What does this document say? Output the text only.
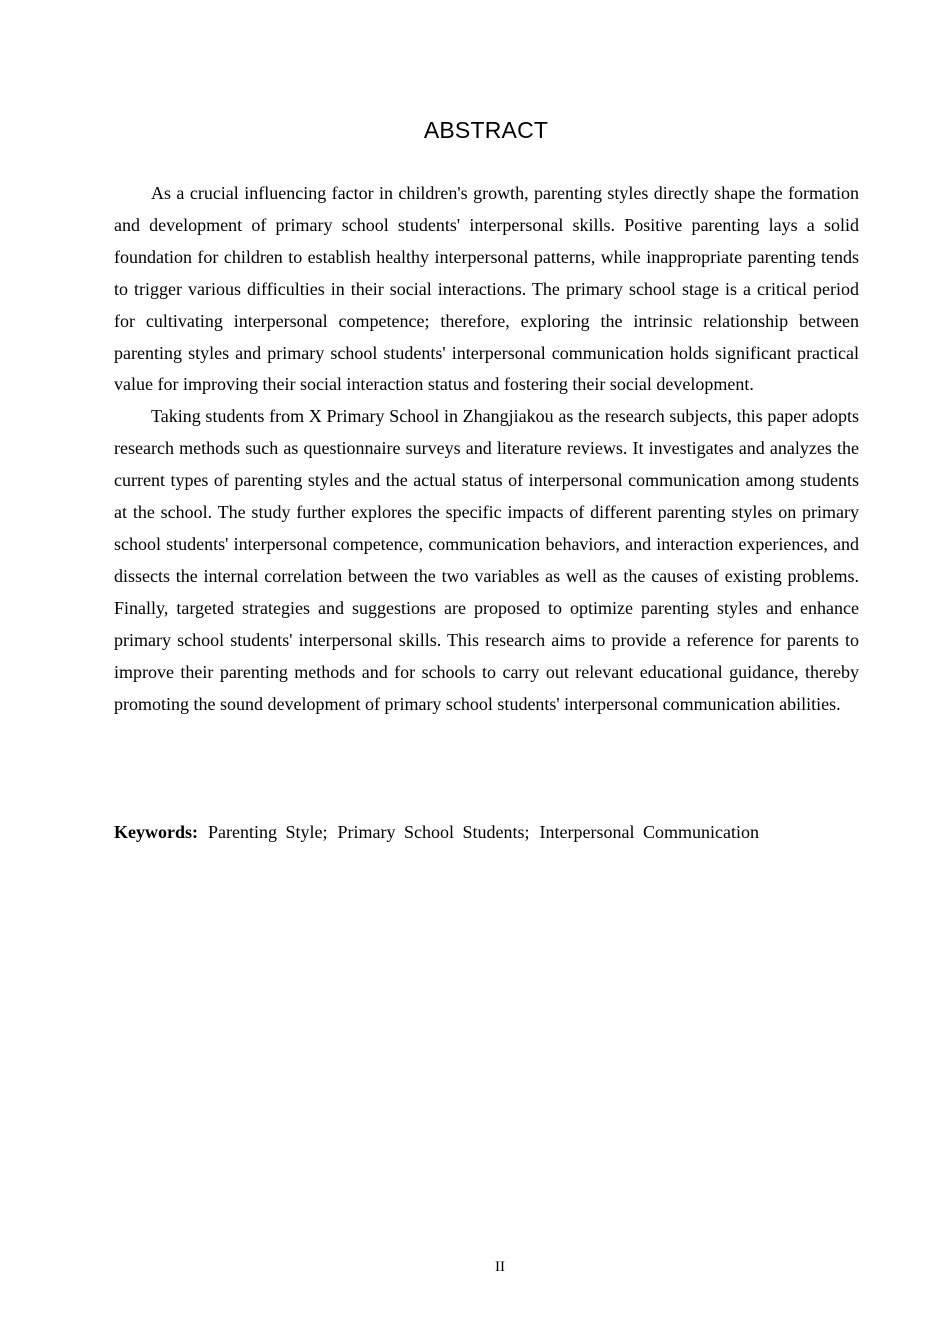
ABSTRACT

As a crucial influencing factor in children's growth, parenting styles directly shape the formation and development of primary school students' interpersonal skills. Positive parenting lays a solid foundation for children to establish healthy interpersonal patterns, while inappropriate parenting tends to trigger various difficulties in their social interactions. The primary school stage is a critical period for cultivating interpersonal competence; therefore, exploring the intrinsic relationship between parenting styles and primary school students' interpersonal communication holds significant practical value for improving their social interaction status and fostering their social development.

Taking students from X Primary School in Zhangjiakou as the research subjects, this paper adopts research methods such as questionnaire surveys and literature reviews. It investigates and analyzes the current types of parenting styles and the actual status of interpersonal communication among students at the school. The study further explores the specific impacts of different parenting styles on primary school students' interpersonal competence, communication behaviors, and interaction experiences, and dissects the internal correlation between the two variables as well as the causes of existing problems. Finally, targeted strategies and suggestions are proposed to optimize parenting styles and enhance primary school students' interpersonal skills. This research aims to provide a reference for parents to improve their parenting methods and for schools to carry out relevant educational guidance, thereby promoting the sound development of primary school students' interpersonal communication abilities.

Keywords: Parenting Style; Primary School Students; Interpersonal Communication
II
